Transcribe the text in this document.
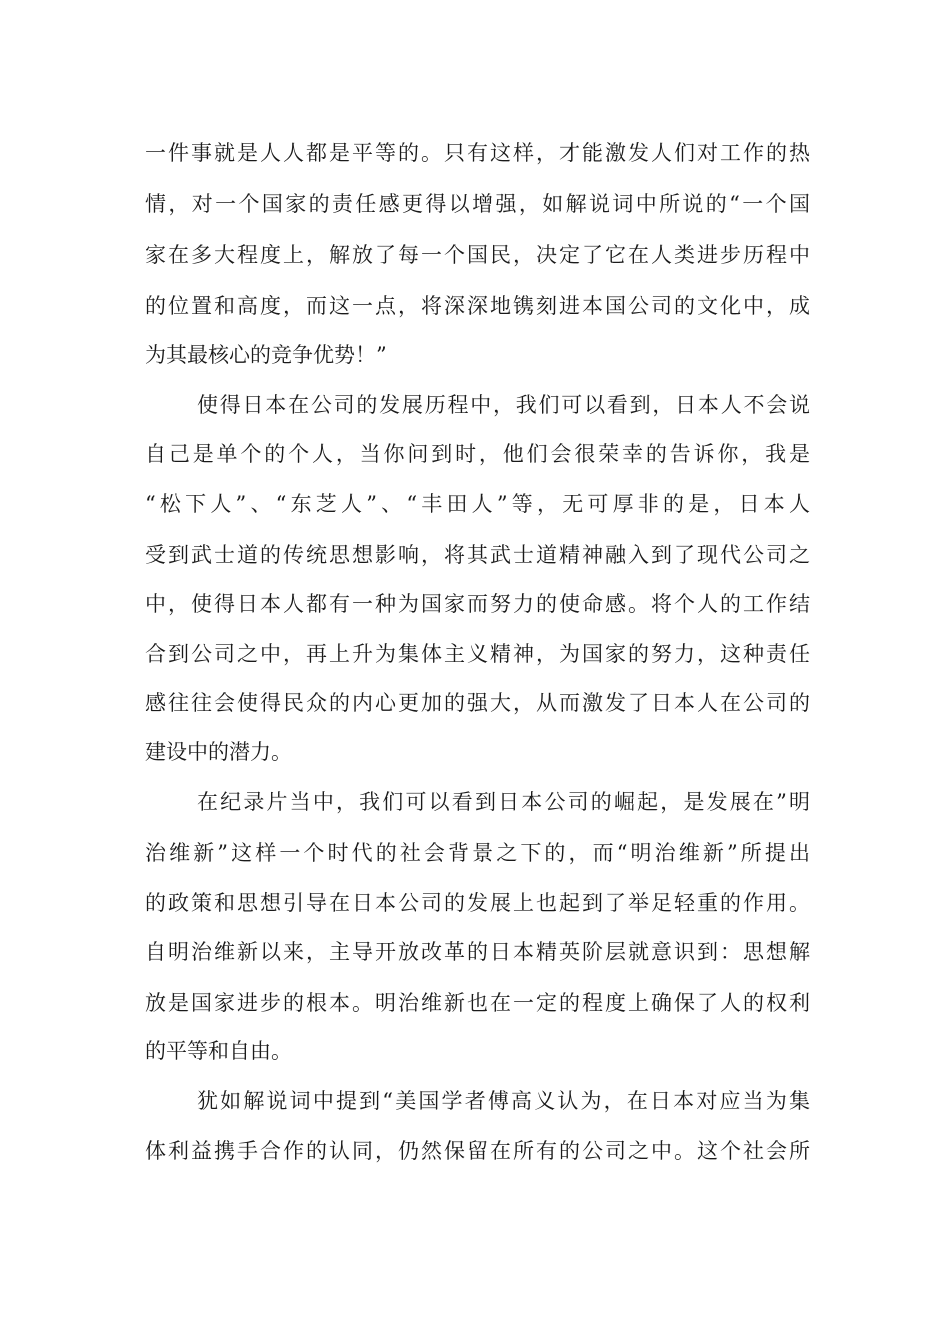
一件事就是人人都是平等的。只有这样，才能激发人们对工作的热
情，对一个国家的责任感更得以增强，如解说词中所说的“一个国
家在多大程度上，解放了每一个国民，决定了它在人类进步历程中
的位置和高度，而这一点，将深深地镌刻进本国公司的文化中，成
为其最核心的竞争优势！”
使得日本在公司的发展历程中，我们可以看到，日本人不会说
自己是单个的个人，当你问到时，他们会很荣幸的告诉你，我是
“松下人”、“东芝人”、“丰田人”等，无可厚非的是，日本人
受到武士道的传统思想影响，将其武士道精神融入到了现代公司之
中，使得日本人都有一种为国家而努力的使命感。将个人的工作结
合到公司之中，再上升为集体主义精神，为国家的努力，这种责任
感往往会使得民众的内心更加的强大，从而激发了日本人在公司的
建设中的潜力。
在纪录片当中，我们可以看到日本公司的崛起，是发展在”明
治维新”这样一个时代的社会背景之下的，而“明治维新”所提出
的政策和思想引导在日本公司的发展上也起到了举足轻重的作用。
自明治维新以来，主导开放改革的日本精英阶层就意识到：思想解
放是国家进步的根本。明治维新也在一定的程度上确保了人的权利
的平等和自由。
犹如解说词中提到“美国学者傅高义认为，在日本对应当为集
体利益携手合作的认同，仍然保留在所有的公司之中。这个社会所
